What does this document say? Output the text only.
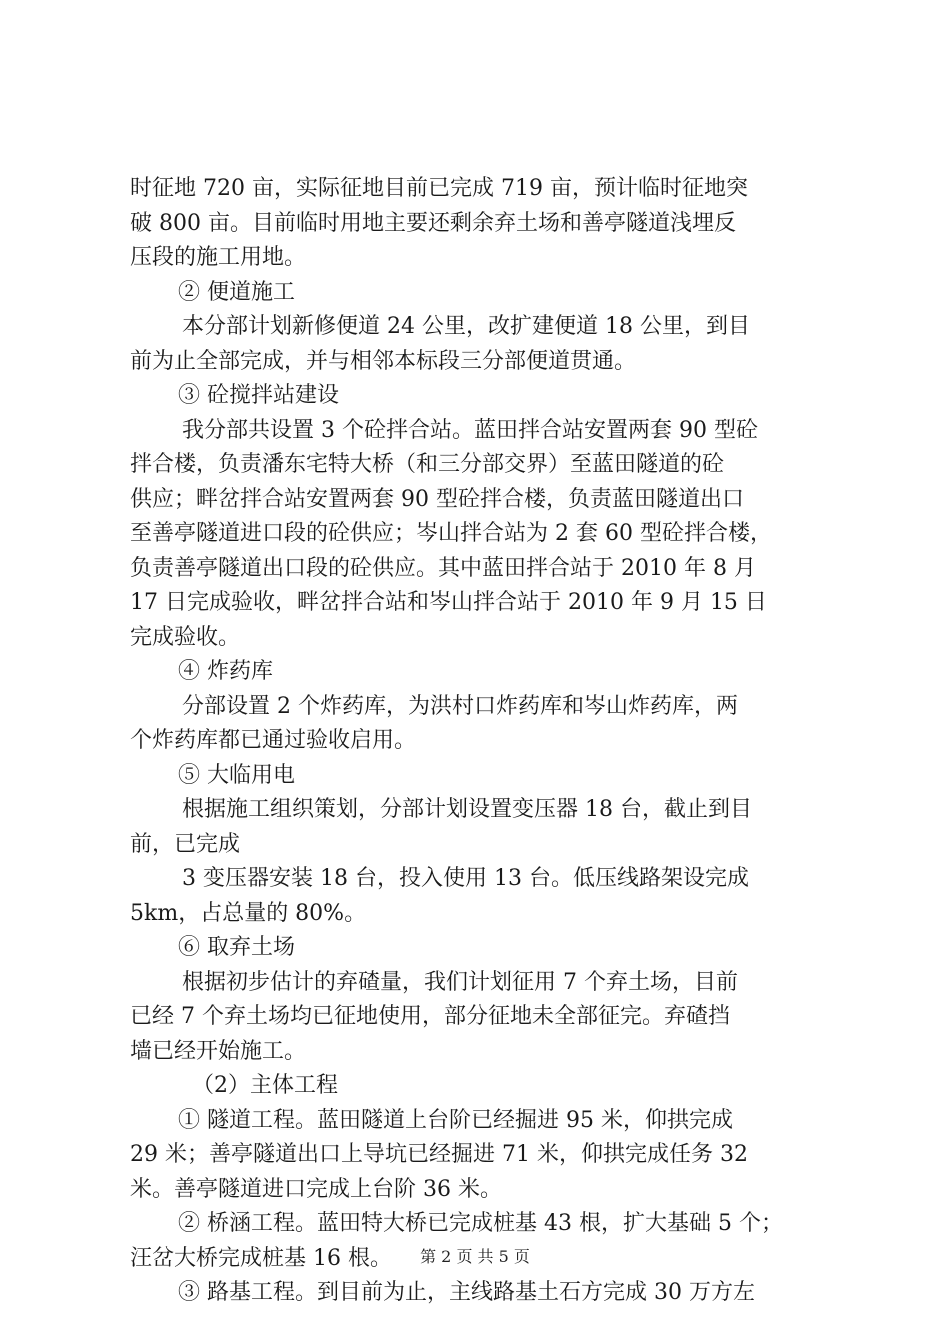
时征地 720 亩，实际征地目前已完成 719 亩，预计临时征地突
破 800 亩。目前临时用地主要还剩余弃土场和善亭隧道浅埋反
压段的施工用地。
② 便道施工
本分部计划新修便道 24 公里，改扩建便道 18 公里，到目
前为止全部完成，并与相邻本标段三分部便道贯通。
③ 砼搅拌站建设
我分部共设置 3 个砼拌合站。蓝田拌合站安置两套 90 型砼
拌合楼，负责潘东宅特大桥（和三分部交界）至蓝田隧道的砼
供应；畔岔拌合站安置两套 90 型砼拌合楼，负责蓝田隧道出口
至善亭隧道进口段的砼供应；岑山拌合站为 2 套 60 型砼拌合楼，
负责善亭隧道出口段的砼供应。其中蓝田拌合站于 2010 年 8 月
17 日完成验收，畔岔拌合站和岑山拌合站于 2010 年 9 月 15 日
完成验收。
④ 炸药库
分部设置 2 个炸药库，为洪村口炸药库和岑山炸药库，两
个炸药库都已通过验收启用。
⑤ 大临用电
根据施工组织策划，分部计划设置变压器 18 台，截止到目
前，已完成
3 变压器安装 18 台，投入使用 13 台。低压线路架设完成
5km，占总量的 80%。
⑥ 取弃土场
根据初步估计的弃碴量，我们计划征用 7 个弃土场，目前
已经 7 个弃土场均已征地使用，部分征地未全部征完。弃碴挡
墙已经开始施工。
（2）主体工程
① 隧道工程。蓝田隧道上台阶已经掘进 95 米，仰拱完成
29 米；善亭隧道出口上导坑已经掘进 71 米，仰拱完成任务 32
米。善亭隧道进口完成上台阶 36 米。
② 桥涵工程。蓝田特大桥已完成桩基 43 根，扩大基础 5 个；
汪岔大桥完成桩基 16 根。
③ 路基工程。到目前为止，主线路基土石方完成 30 万方左
第 2 页 共 5 页
